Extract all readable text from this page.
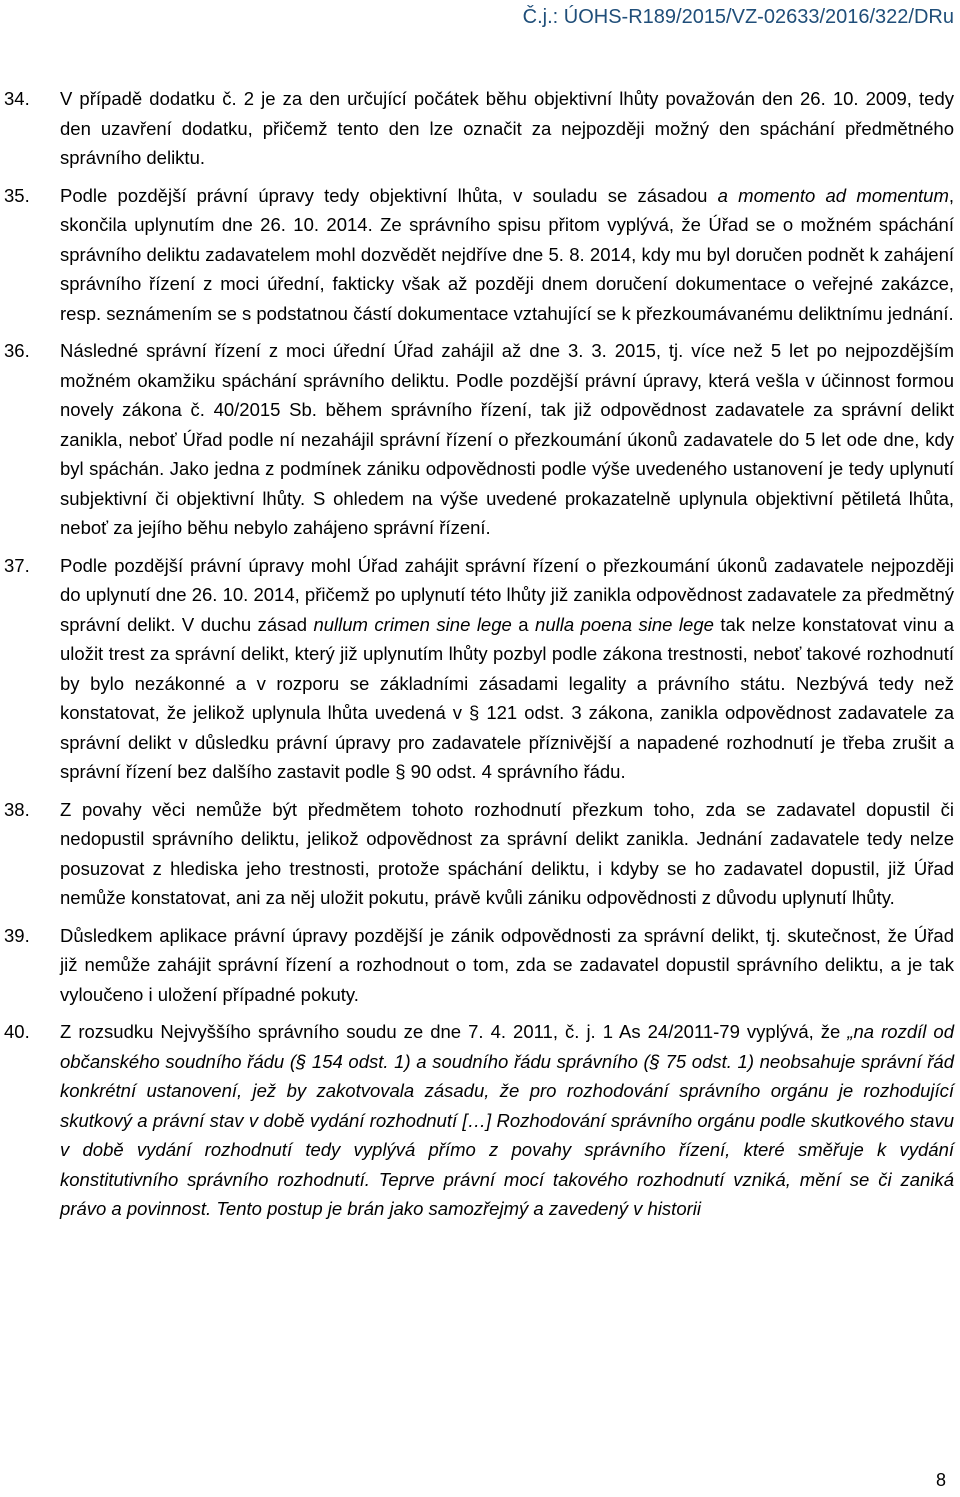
Č.j.: ÚOHS-R189/2015/VZ-02633/2016/322/DRu
34. V případě dodatku č. 2 je za den určující počátek běhu objektivní lhůty považován den 26. 10. 2009, tedy den uzavření dodatku, přičemž tento den lze označit za nejpozději možný den spáchání předmětného správního deliktu.
35. Podle pozdější právní úpravy tedy objektivní lhůta, v souladu se zásadou a momento ad momentum, skončila uplynutím dne 26. 10. 2014. Ze správního spisu přitom vyplývá, že Úřad se o možném spáchání správního deliktu zadavatelem mohl dozvědět nejdříve dne 5. 8. 2014, kdy mu byl doručen podnět k zahájení správního řízení z moci úřední, fakticky však až později dnem doručení dokumentace o veřejné zakázce, resp. seznámením se s podstatnou částí dokumentace vztahující se k přezkoumávanému deliktnímu jednání.
36. Následné správní řízení z moci úřední Úřad zahájil až dne 3. 3. 2015, tj. více než 5 let po nejpozdějším možném okamžiku spáchání správního deliktu. Podle pozdější právní úpravy, která vešla v účinnost formou novely zákona č. 40/2015 Sb. během správního řízení, tak již odpovědnost zadavatele za správní delikt zanikla, neboť Úřad podle ní nezahájil správní řízení o přezkoumání úkonů zadavatele do 5 let ode dne, kdy byl spáchán. Jako jedna z podmínek zániku odpovědnosti podle výše uvedeného ustanovení je tedy uplynutí subjektivní či objektivní lhůty. S ohledem na výše uvedené prokazatelně uplynula objektivní pětiletá lhůta, neboť za jejího běhu nebylo zahájeno správní řízení.
37. Podle pozdější právní úpravy mohl Úřad zahájit správní řízení o přezkoumání úkonů zadavatele nejpozději do uplynutí dne 26. 10. 2014, přičemž po uplynutí této lhůty již zanikla odpovědnost zadavatele za předmětný správní delikt. V duchu zásad nullum crimen sine lege a nulla poena sine lege tak nelze konstatovat vinu a uložit trest za správní delikt, který již uplynutím lhůty pozbyl podle zákona trestnosti, neboť takové rozhodnutí by bylo nezákonné a v rozporu se základními zásadami legality a právního státu. Nezbývá tedy než konstatovat, že jelikož uplynula lhůta uvedená v § 121 odst. 3 zákona, zanikla odpovědnost zadavatele za správní delikt v důsledku právní úpravy pro zadavatele příznivější a napadené rozhodnutí je třeba zrušit a správní řízení bez dalšího zastavit podle § 90 odst. 4 správního řádu.
38. Z povahy věci nemůže být předmětem tohoto rozhodnutí přezkum toho, zda se zadavatel dopustil či nedopustil správního deliktu, jelikož odpovědnost za správní delikt zanikla. Jednání zadavatele tedy nelze posuzovat z hlediska jeho trestnosti, protože spáchání deliktu, i kdyby se ho zadavatel dopustil, již Úřad nemůže konstatovat, ani za něj uložit pokutu, právě kvůli zániku odpovědnosti z důvodu uplynutí lhůty.
39. Důsledkem aplikace právní úpravy pozdější je zánik odpovědnosti za správní delikt, tj. skutečnost, že Úřad již nemůže zahájit správní řízení a rozhodnout o tom, zda se zadavatel dopustil správního deliktu, a je tak vyloučeno i uložení případné pokuty.
40. Z rozsudku Nejvyššího správního soudu ze dne 7. 4. 2011, č. j. 1 As 24/2011-79 vyplývá, že „na rozdíl od občanského soudního řádu (§ 154 odst. 1) a soudního řádu správního (§ 75 odst. 1) neobsahuje správní řád konkrétní ustanovení, jež by zakotvovala zásadu, že pro rozhodování správního orgánu je rozhodující skutkový a právní stav v době vydání rozhodnutí […] Rozhodování správního orgánu podle skutkového stavu v době vydání rozhodnutí tedy vyplývá přímo z povahy správního řízení, které směřuje k vydání konstitutivního správního rozhodnutí. Teprve právní mocí takového rozhodnutí vzniká, mění se či zaniká právo a povinnost. Tento postup je brán jako samozřejmý a zavedený v historii
8
